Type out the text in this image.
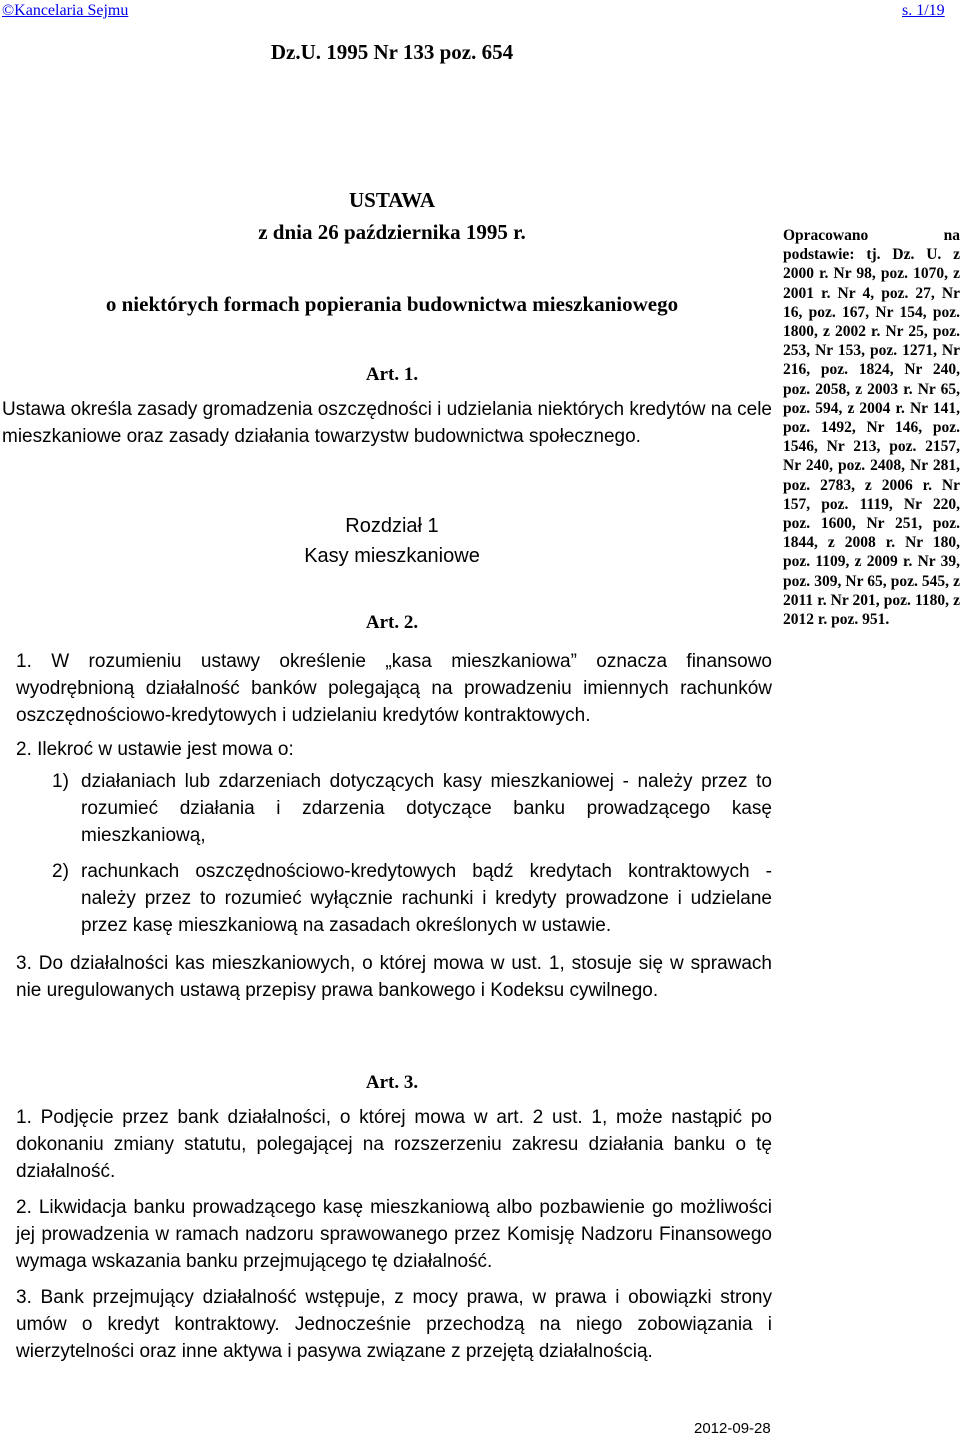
©Kancelaria Sejmu	s. 1/19
Dz.U. 1995 Nr 133 poz. 654
USTAWA
z dnia 26 października 1995 r.
o niektórych formach popierania budownictwa mieszkaniowego
Opracowano na podstawie: tj. Dz. U. z 2000 r. Nr 98, poz. 1070, z 2001 r. Nr 4, poz. 27, Nr 16, poz. 167, Nr 154, poz. 1800, z 2002 r. Nr 25, poz. 253, Nr 153, poz. 1271, Nr 216, poz. 1824, Nr 240, poz. 2058, z 2003 r. Nr 65, poz. 594, z 2004 r. Nr 141, poz. 1492, Nr 146, poz. 1546, Nr 213, poz. 2157, Nr 240, poz. 2408, Nr 281, poz. 2783, z 2006 r. Nr 157, poz. 1119, Nr 220, poz. 1600, Nr 251, poz. 1844, z 2008 r. Nr 180, poz. 1109, z 2009 r. Nr 39, poz. 309, Nr 65, poz. 545, z 2011 r. Nr 201, poz. 1180, z 2012 r. poz. 951.
Art. 1.
Ustawa określa zasady gromadzenia oszczędności i udzielania niektórych kredytów na cele mieszkaniowe oraz zasady działania towarzystw budownictwa społecznego.
Rozdział 1
Kasy mieszkaniowe
Art. 2.
1. W rozumieniu ustawy określenie „kasa mieszkaniowa” oznacza finansowo wyodrębnioną działalność banków polegającą na prowadzeniu imiennych rachunków oszczędnościowo-kredytowych i udzielaniu kredytów kontraktowych.
2. Ilekroć w ustawie jest mowa o:
1) działaniach lub zdarzeniach dotyczących kasy mieszkaniowej - należy przez to rozumieć działania i zdarzenia dotyczące banku prowadzącego kasę mieszkaniową,
2) rachunkach oszczędnościowo-kredytowych bądź kredytach kontraktowych - należy przez to rozumieć wyłącznie rachunki i kredyty prowadzone i udzielane przez kasę mieszkaniową na zasadach określonych w ustawie.
3. Do działalności kas mieszkaniowych, o której mowa w ust. 1, stosuje się w sprawach nie uregulowanych ustawą przepisy prawa bankowego i Kodeksu cywilnego.
Art. 3.
1. Podjęcie przez bank działalności, o której mowa w art. 2 ust. 1, może nastąpić po dokonaniu zmiany statutu, polegającej na rozszerzeniu zakresu działania banku o tę działalność.
2. Likwidacja banku prowadzącego kasę mieszkaniową albo pozbawienie go możliwości jej prowadzenia w ramach nadzoru sprawowanego przez Komisję Nadzoru Finansowego wymaga wskazania banku przejmującego tę działalność.
3. Bank przejmujący działalność wstępuje, z mocy prawa, w prawa i obowiązki strony umów o kredyt kontraktowy. Jednocześnie przechodzą na niego zobowiązania i wierzytelności oraz inne aktywa i pasywa związane z przejętą działalnością.
2012-09-28
